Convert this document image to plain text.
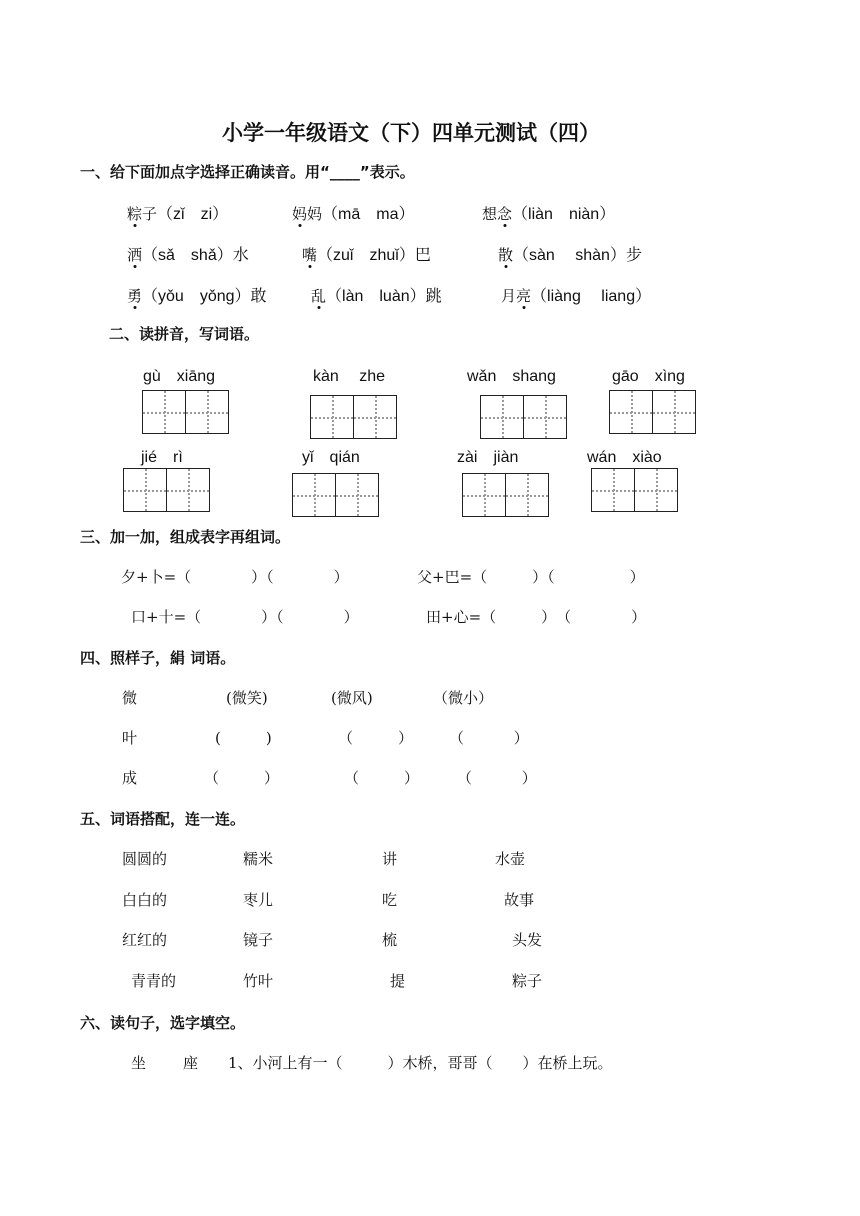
小学一年级语文（下）四单元测试（四）
一、给下面加点字选择正确读音。用“____”表示。
粽子（zǐ　zi）	妈妈（mā　ma）	想念（liàn　niàn）
洒（sǎ　shǎ）水	嘴（zuǐ　zhuǐ）巴	散（sàn　 shàn）步
勇（yǒu　yǒng）敢	乱（làn　luàn）跳	月亮（liàng　 liang）
二、读拼音，写词语。
gù　xiāng	kàn　 zhe	wǎn　shang	gāo　xìng
jié　rì	yǐ　qián	zài　jiàn	wán　xiào
三、加一加，组成表字再组词。
夕+卜=（　　　　）（　　　　）	父+巴=（　　　）（　　　　　）
口+十=（　　　　）（　　　　）	田+心=（　　　）　（　　　　）
四、照样子，絹 词语。
微	(微笑)	(微风)	（微小）
叶	(　　　)	（　　　） （　　　 ）
成	（　　　）	（　　　）	（　　　 ）
五、词语搭配，连一连。
圆圆的	糯米	讲	水壶
白白的	枣儿	吃	故事
红红的	镜子	梳	头发
青青的	竹叶	提	粽子
六、读句子，选字填空。
坐 座 1、小河上有一（　　　）木桥，哥哥（　　）在桥上玩。
